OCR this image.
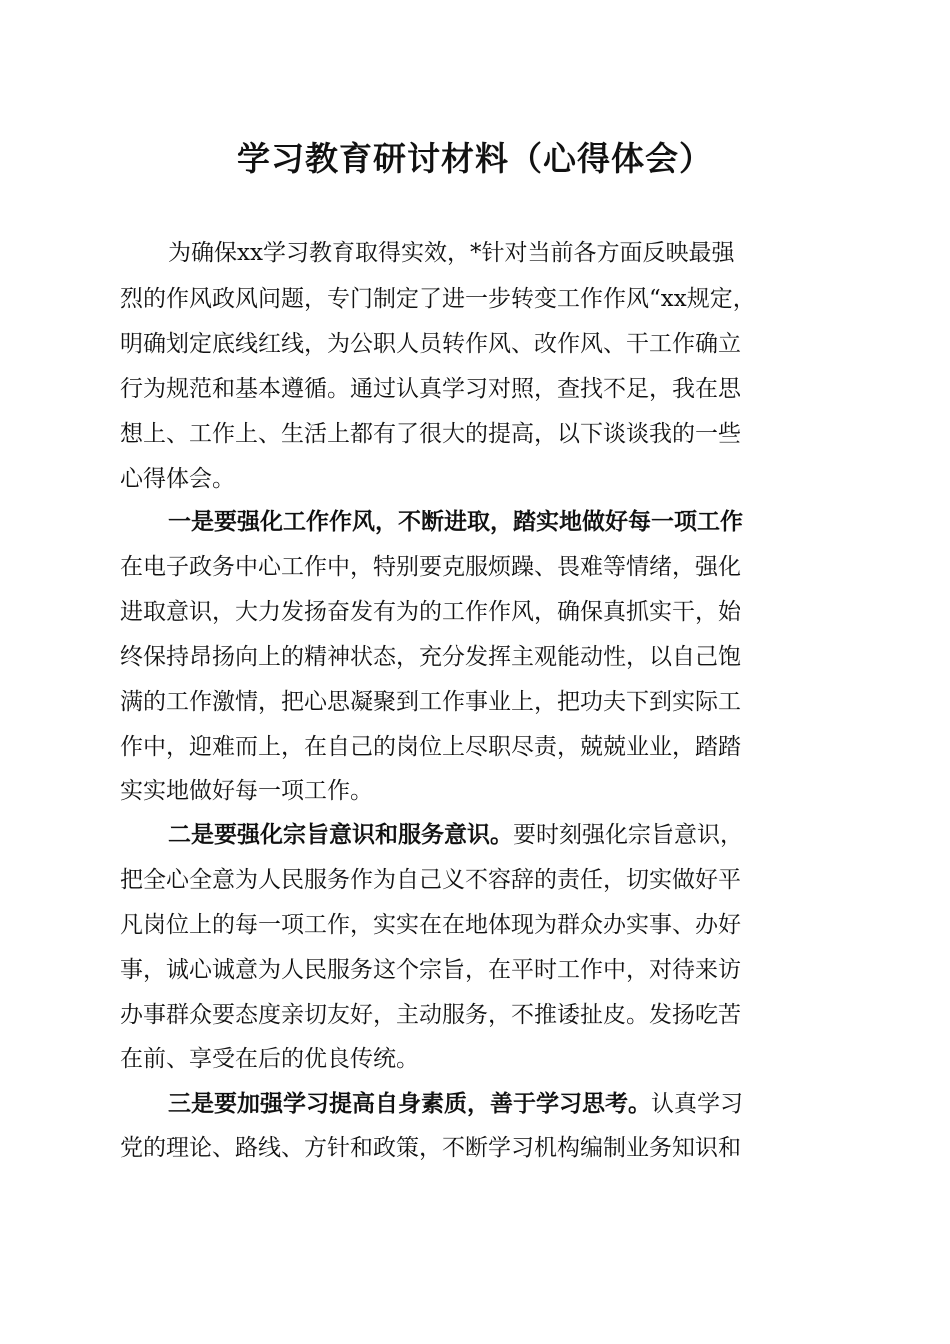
学习教育研讨材料（心得体会）
为确保xx学习教育取得实效，*针对当前各方面反映最强
烈的作风政风问题，专门制定了进一步转变工作作风“xx规定，
明确划定底线红线，为公职人员转作风、改作风、干工作确立
行为规范和基本遵循。通过认真学习对照，查找不足，我在思
想上、工作上、生活上都有了很大的提高，以下谈谈我的一些
心得体会。
一是要强化工作作风，不断进取，踏实地做好每一项工作
在电子政务中心工作中，特别要克服烦躁、畏难等情绪，强化
进取意识，大力发扬奋发有为的工作作风，确保真抓实干，始
终保持昂扬向上的精神状态，充分发挥主观能动性，以自己饱
满的工作激情，把心思凝聚到工作事业上，把功夫下到实际工
作中，迎难而上，在自己的岗位上尽职尽责，兢兢业业，踏踏
实实地做好每一项工作。
二是要强化宗旨意识和服务意识。要时刻强化宗旨意识，
把全心全意为人民服务作为自己义不容辞的责任，切实做好平
凡岗位上的每一项工作，实实在在地体现为群众办实事、办好
事，诚心诚意为人民服务这个宗旨，在平时工作中，对待来访
办事群众要态度亲切友好，主动服务，不推诿扯皮。发扬吃苦
在前、享受在后的优良传统。
三是要加强学习提高自身素质，善于学习思考。认真学习
党的理论、路线、方针和政策，不断学习机构编制业务知识和
